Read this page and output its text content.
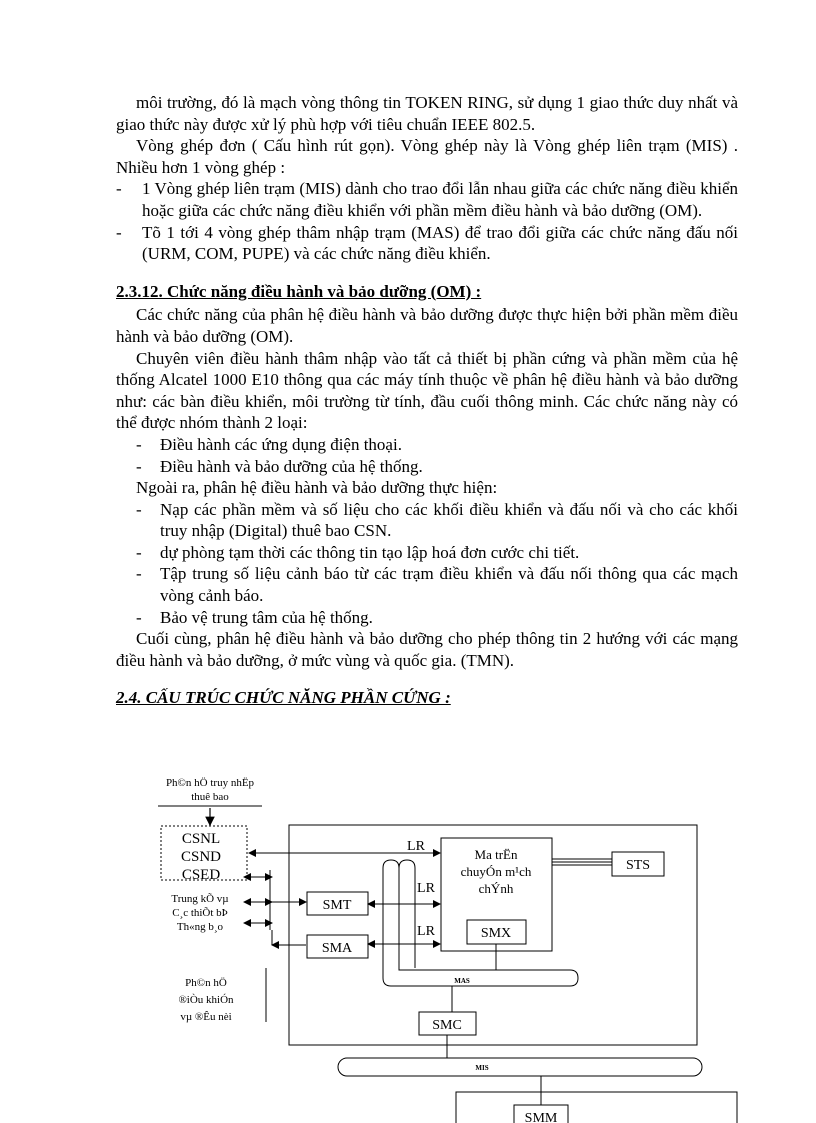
môi trường, đó là mạch vòng thông tin TOKEN RING, sử dụng 1 giao thức duy nhất và giao thức này được xử lý phù hợp với tiêu chuẩn IEEE 802.5.

Vòng ghép đơn ( Cấu hình rút gọn). Vòng ghép này là Vòng ghép liên trạm (MIS) . Nhiều hơn 1 vòng ghép :

- 1 Vòng ghép liên trạm (MIS) dành cho trao đổi lẫn nhau giữa các chức năng điều khiển hoặc giữa các chức năng điều khiển với phần mềm điều hành và bảo dưỡng (OM).
- Tõ 1 tới 4 vòng ghép thâm nhập trạm (MAS) để trao đổi giữa các chức năng đấu nối (URM, COM, PUPE) và các chức năng điều khiển.
2.3.12. Chức năng điều hành và bảo dưỡng (OM) :

Các chức năng của phân hệ điều hành và bảo dưỡng được thực hiện bởi phần mềm điều hành và bảo dưỡng (OM).

Chuyên viên điều hành thâm nhập vào tất cả thiết bị phần cứng và phần mềm của hệ thống Alcatel 1000 E10 thông qua các máy tính thuộc về phân hệ điều hành và bảo dưỡng như: các bàn điều khiển, môi trường từ tính, đầu cuối thông minh. Các chức năng này có thể được nhóm thành 2 loại:

- Điều hành các ứng dụng điện thoại.
- Điều hành và bảo dưỡng của hệ thống.

Ngoài ra, phân hệ điều hành và bảo dưỡng thực hiện:

- Nạp các phần mềm và số liệu cho các khối điều khiển và đấu nối và cho các khối truy nhập (Digital) thuê bao CSN.
- dự phòng tạm thời các thông tin tạo lập hoá đơn cước chi tiết.
- Tập trung số liệu cảnh báo từ các trạm điều khiển và đấu nối thông qua các mạch vòng cảnh báo.
- Bảo vệ trung tâm của hệ thống.

Cuối cùng, phân hệ điều hành và bảo dưỡng cho phép thông tin 2 hướng với các mạng điều hành và bảo dưỡng, ở mức vùng và quốc gia. (TMN).

2.4. CẤU TRÚC CHỨC NĂNG PHẦN CỨNG :
Ph©n hÖ truy nhËp
thuê bao
CSNL
CSND
CSED
LR
Ma trËn
chuyÓn m¹ch
chÝnh
SMX
STS
Trung kÕ vµ
C¸c thiÕt bÞ
Th«ng b¸o
SMT
LR
SMA
LR
MAS
SMC
Ph©n hÖ
®iÒu khiÓn
vµ ®Êu nèi
MIS
SMM
